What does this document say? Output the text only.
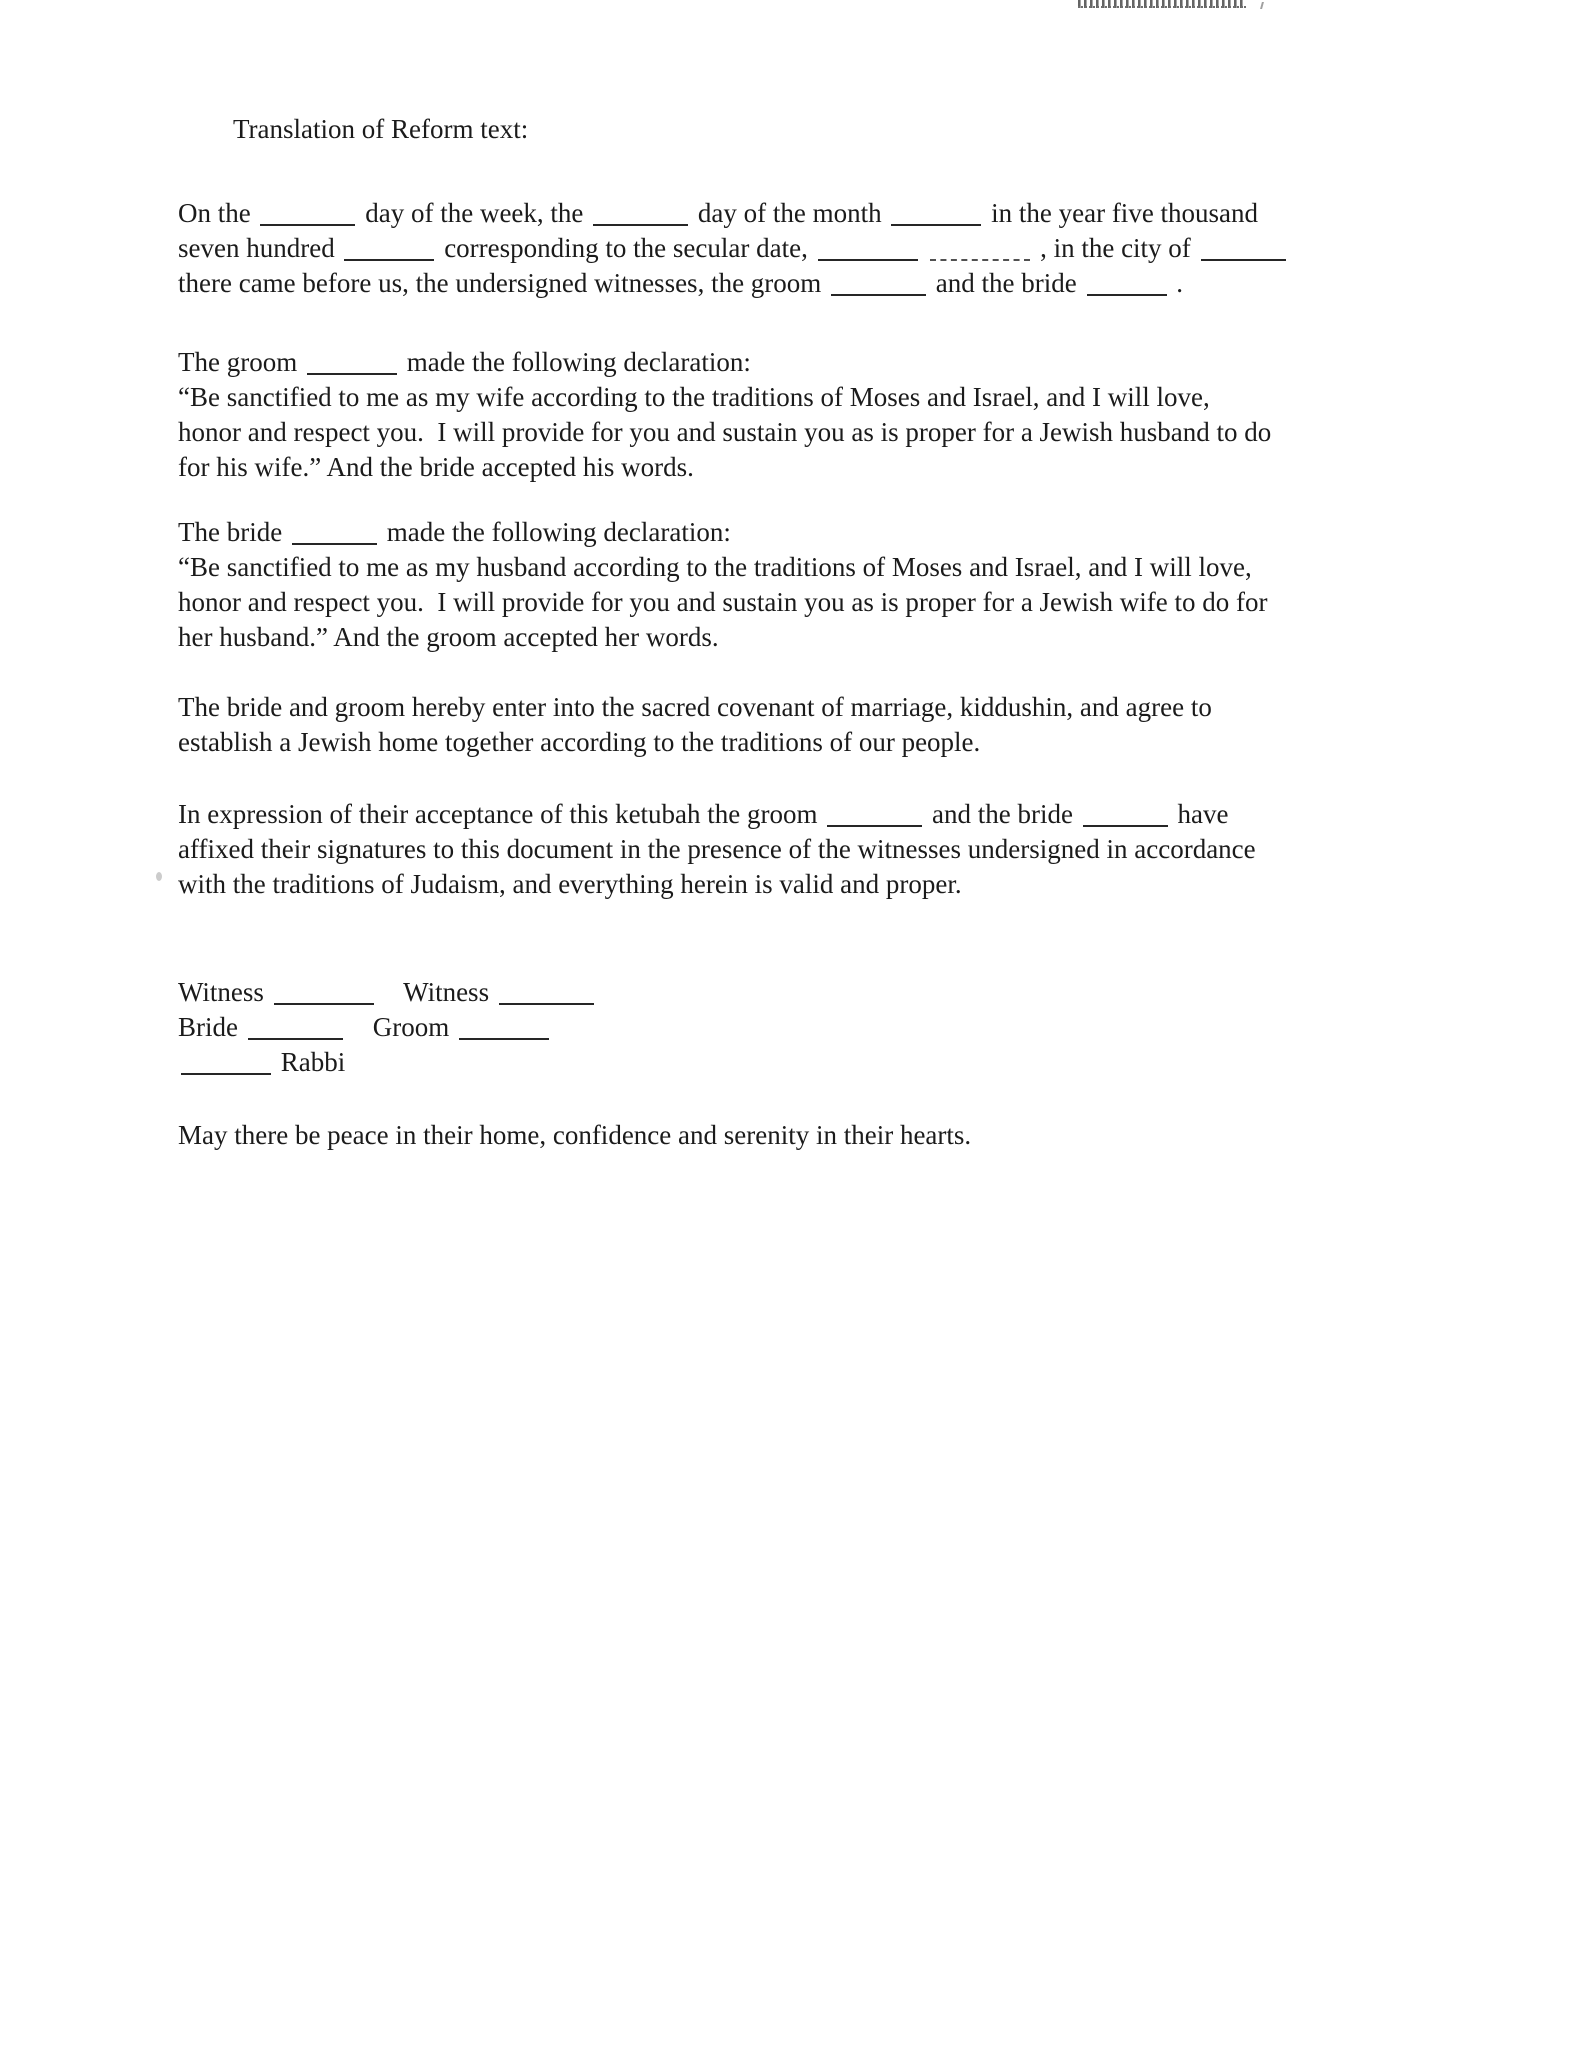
Translation of Reform text:
On the	day of the week, the	day of the month	in the year five thousand
seven hundred	corresponding to the secular date,	, in the city of
there came before us, the undersigned witnesses, the groom	and the bride	.
The groom	made the following declaration:
“Be sanctified to me as my wife according to the traditions of Moses and Israel, and I will love,
honor and respect you.  I will provide for you and sustain you as is proper for a Jewish husband to do
for his wife.” And the bride accepted his words.
The bride	made the following declaration:
“Be sanctified to me as my husband according to the traditions of Moses and Israel, and I will love,
honor and respect you.  I will provide for you and sustain you as is proper for a Jewish wife to do for
her husband.” And the groom accepted her words.
The bride and groom hereby enter into the sacred covenant of marriage, kiddushin, and agree to
establish a Jewish home together according to the traditions of our people.
In expression of their acceptance of this ketubah the groom	and the bride	have
affixed their signatures to this document in the presence of the witnesses undersigned in accordance
with the traditions of Judaism, and everything herein is valid and proper.
Witness	Witness
Bride	Groom
Rabbi
May there be peace in their home, confidence and serenity in their hearts.
